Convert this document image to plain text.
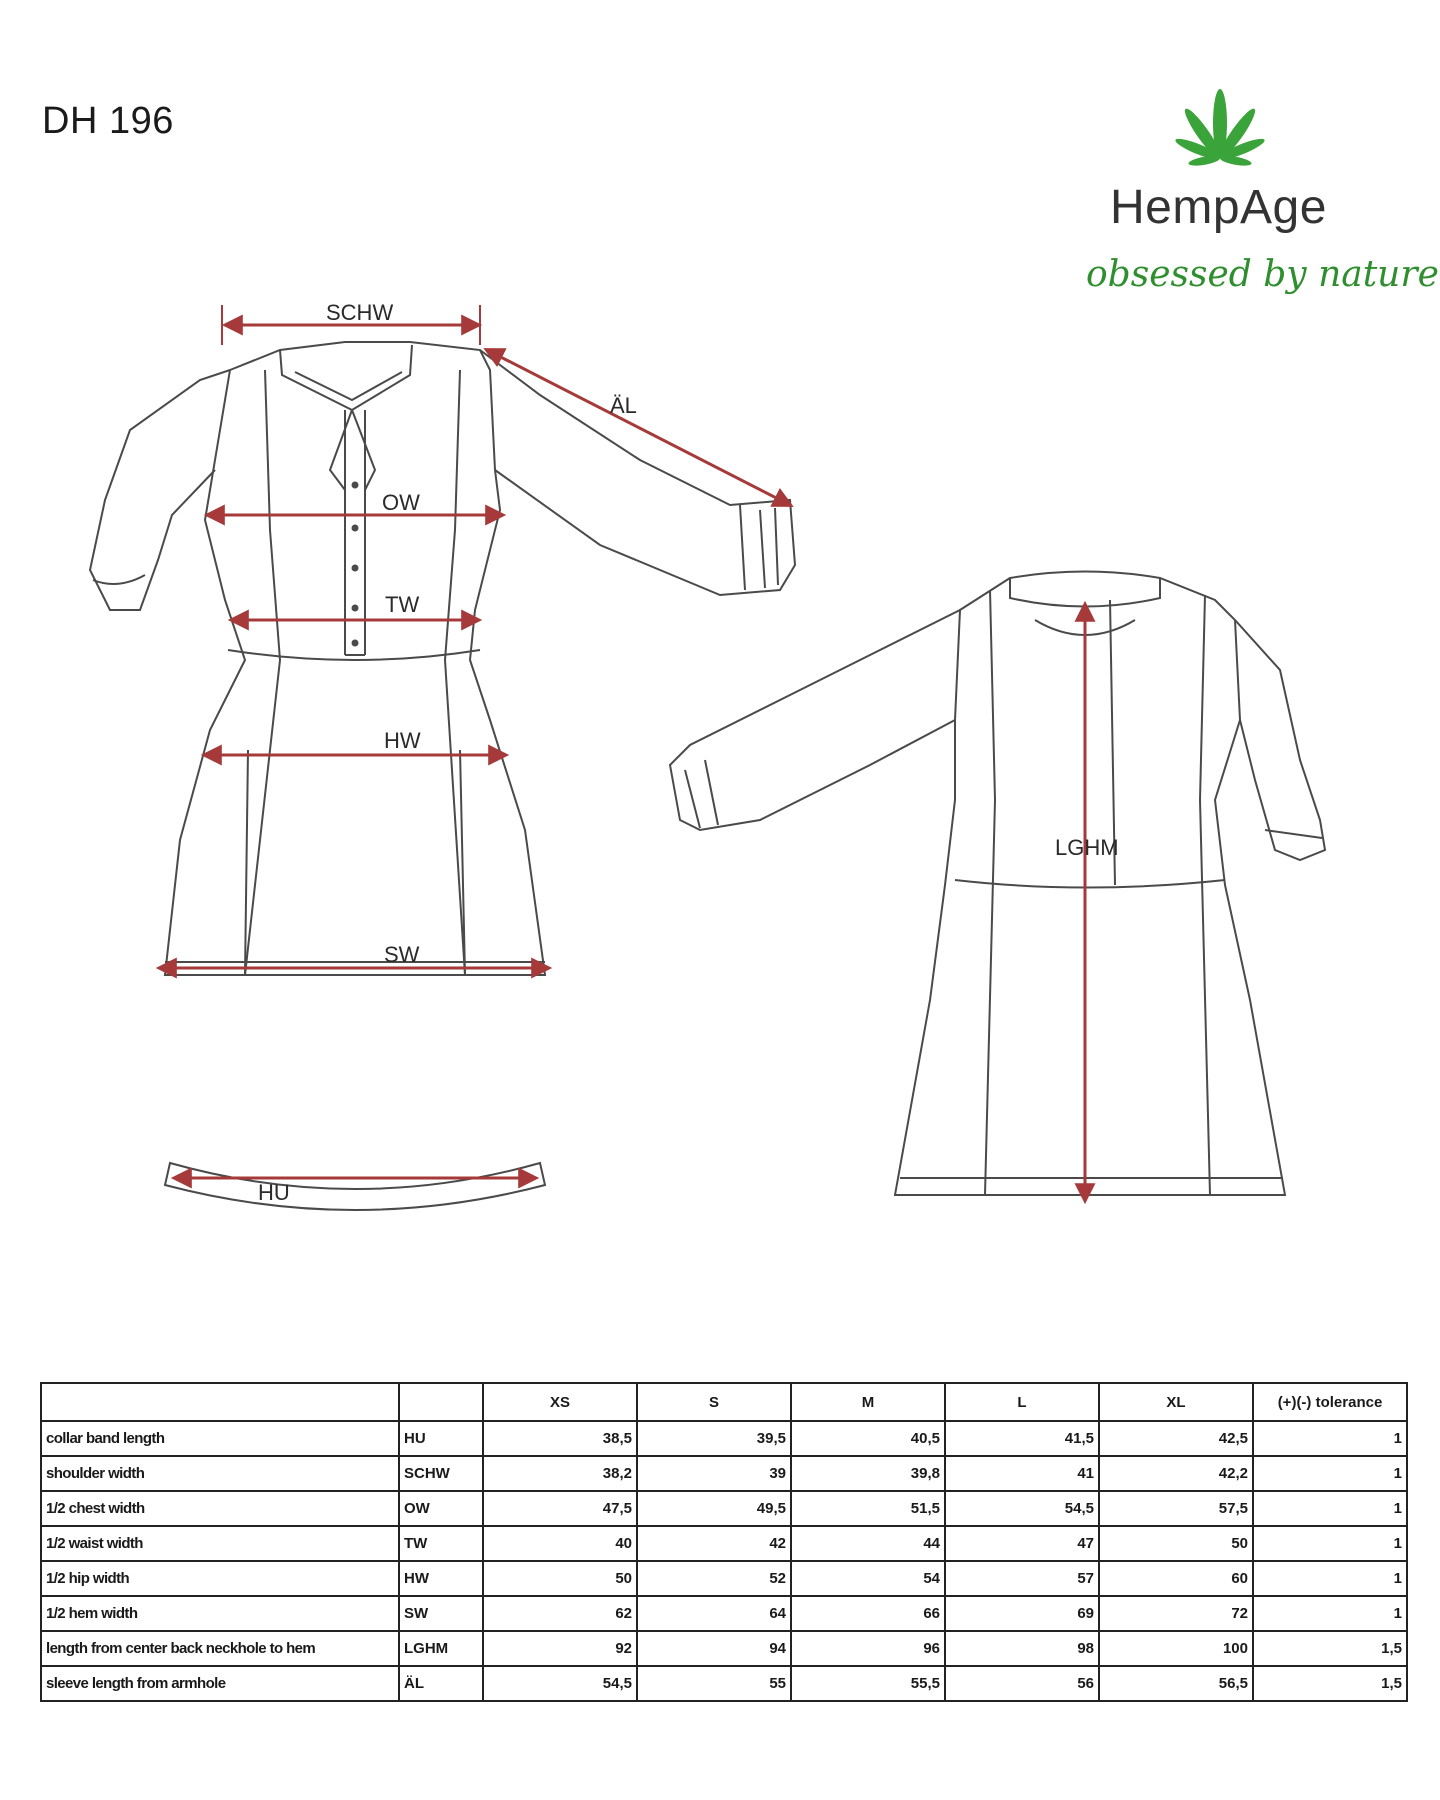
DH 196
HempAge
obsessed by nature
SCHW
ÄL
OW
TW
HW
SW
HU
LGHM
		XS	S	M	L	XL	(+)(-) tolerance
collar band length	HU	38,5	39,5	40,5	41,5	42,5	1
shoulder width	SCHW	38,2	39	39,8	41	42,2	1
1/2 chest width	OW	47,5	49,5	51,5	54,5	57,5	1
1/2 waist width	TW	40	42	44	47	50	1
1/2 hip width	HW	50	52	54	57	60	1
1/2 hem width	SW	62	64	66	69	72	1
length from center back neckhole to hem	LGHM	92	94	96	98	100	1,5
sleeve length from armhole	ÄL	54,5	55	55,5	56	56,5	1,5
